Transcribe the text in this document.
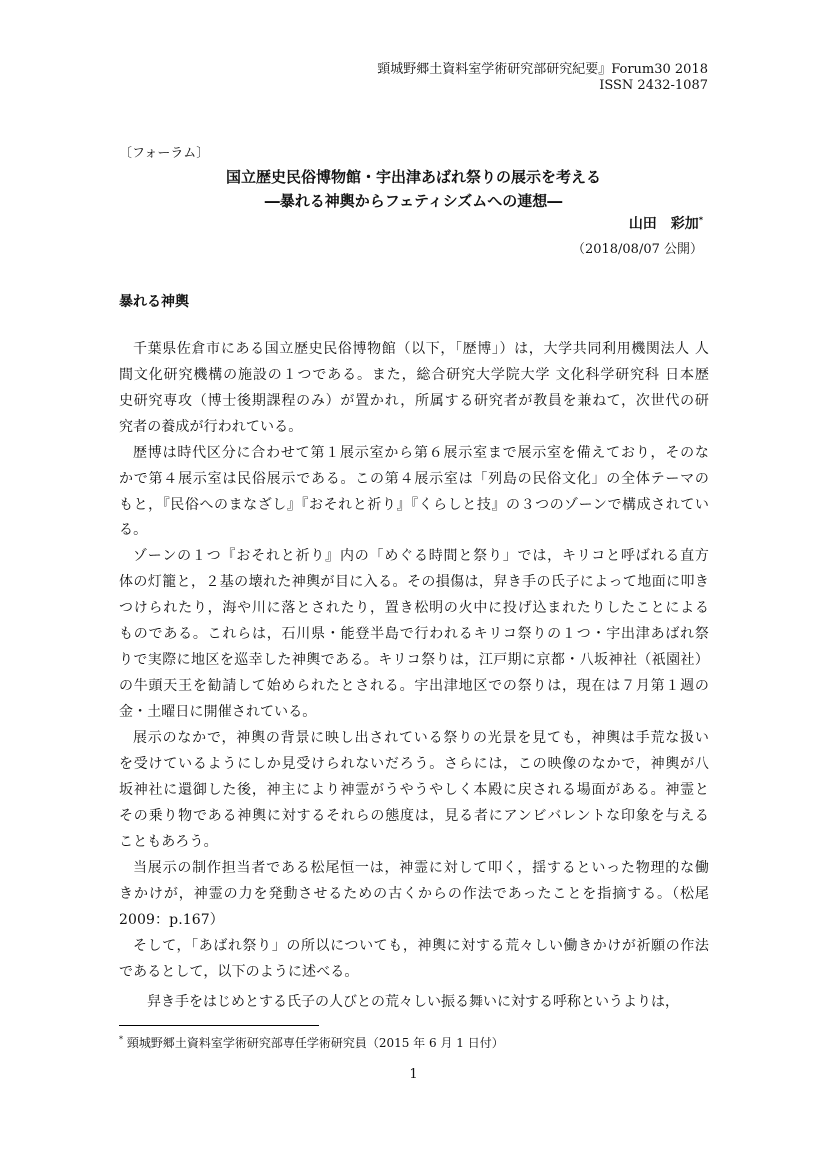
頸城野郷土資料室学術研究部研究紀要』Forum30 2018

ISSN 2432-1087

〔フォーラム〕

国立歴史民俗博物館・宇出津あばれ祭りの展示を考える

―暴れる神輿からフェティシズムへの連想―

山田　彩加*

（2018/08/07 公開）

暴れる神輿

千葉県佐倉市にある国立歴史民俗博物館（以下，「歴博」）は，大学共同利用機関法人 人

間文化研究機構の施設の１つである。また，総合研究大学院大学 文化科学研究科 日本歴

史研究専攻（博士後期課程のみ）が置かれ，所属する研究者が教員を兼ねて，次世代の研

究者の養成が行われている。

歴博は時代区分に合わせて第１展示室から第６展示室まで展示室を備えており，そのな

かで第４展示室は民俗展示である。この第４展示室は「列島の民俗文化」の全体テーマの

もと，『民俗へのまなざし』『おそれと祈り』『くらしと技』の３つのゾーンで構成されてい

る。

ゾーンの１つ『おそれと祈り』内の「めぐる時間と祭り」では，キリコと呼ばれる直方

体の灯籠と，２基の壊れた神輿が目に入る。その損傷は，舁き手の氏子によって地面に叩き

つけられたり，海や川に落とされたり，置き松明の火中に投げ込まれたりしたことによる

ものである。これらは，石川県・能登半島で行われるキリコ祭りの１つ・宇出津あばれ祭

りで実際に地区を巡幸した神輿である。キリコ祭りは，江戸期に京都・八坂神社（祇園社）

の牛頭天王を勧請して始められたとされる。宇出津地区での祭りは，現在は７月第１週の

金・土曜日に開催されている。

展示のなかで，神輿の背景に映し出されている祭りの光景を見ても，神輿は手荒な扱い

を受けているようにしか見受けられないだろう。さらには，この映像のなかで，神輿が八

坂神社に還御した後，神主により神霊がうやうやしく本殿に戻される場面がある。神霊と

その乗り物である神輿に対するそれらの態度は，見る者にアンビバレントな印象を与える

こともあろう。

当展示の制作担当者である松尾恒一は，神霊に対して叩く，揺するといった物理的な働

きかけが，神霊の力を発動させるための古くからの作法であったことを指摘する。（松尾

2009：p.167）

そして，「あばれ祭り」の所以についても，神輿に対する荒々しい働きかけが祈願の作法

であるとして，以下のように述べる。

舁き手をはじめとする氏子の人びとの荒々しい振る舞いに対する呼称というよりは，

* 頸城野郷土資料室学術研究部専任学術研究員（2015 年 6 月 1 日付）

1
